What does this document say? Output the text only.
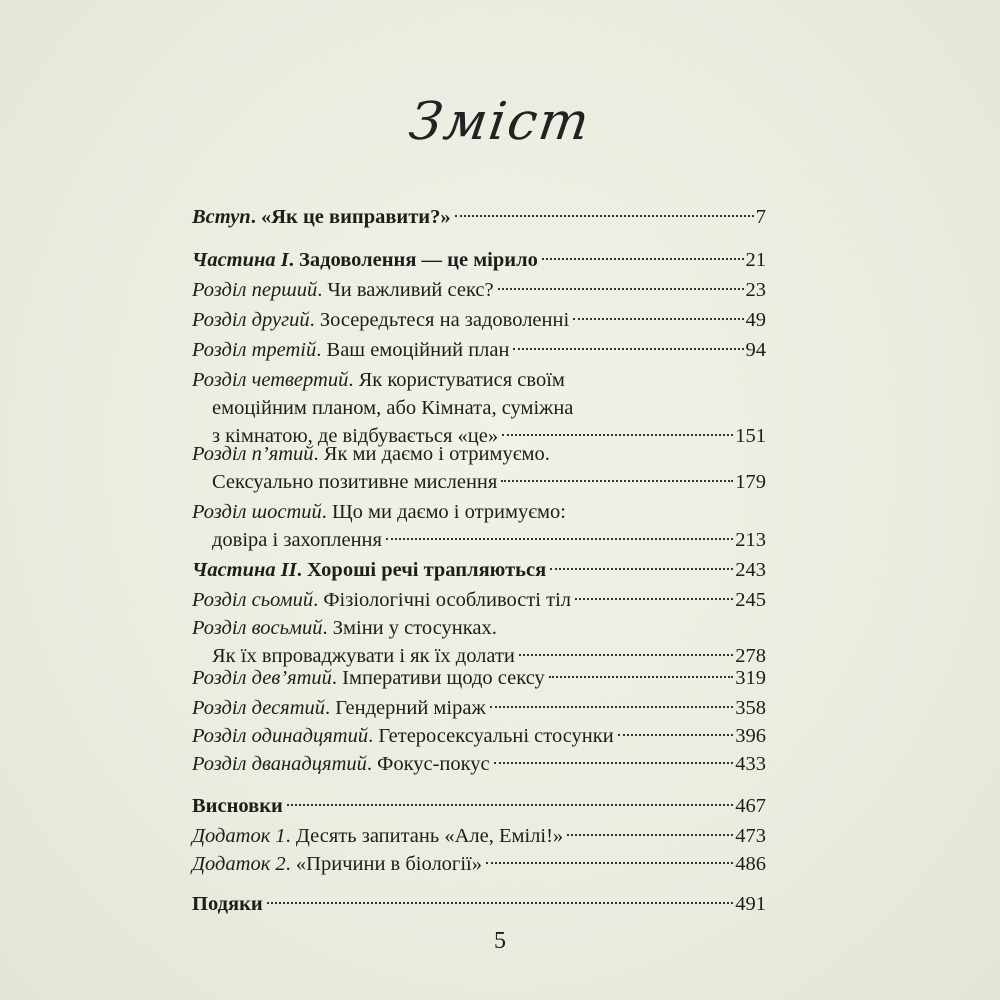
Зміст
Вступ. «Як це виправити?»	7
Частина I. Задоволення — це мірило	21
Розділ перший. Чи важливий секс?	23
Розділ другий. Зосередьтеся на задоволенні	49
Розділ третій. Ваш емоційний план	94
Розділ четвертий. Як користуватися своїм
емоційним планом, або Кімната, суміжна
з кімнатою, де відбувається «це»	151
Розділ п’ятий. Як ми даємо і отримуємо.
Сексуально позитивне мислення	179
Розділ шостий. Що ми даємо і отримуємо:
довіра і захоплення	213
Частина II. Хороші речі трапляються	243
Розділ сьомий. Фізіологічні особливості тіл	245
Розділ восьмий. Зміни у стосунках.
Як їх впроваджувати і як їх долати	278
Розділ дев’ятий. Імперативи щодо сексу	319
Розділ десятий. Гендерний міраж	358
Розділ одинадцятий. Гетеросексуальні стосунки	396
Розділ дванадцятий. Фокус-покус	433
Висновки	467
Додаток 1. Десять запитань «Але, Емілі!»	473
Додаток 2. «Причини в біології»	486
Подяки	491
5
